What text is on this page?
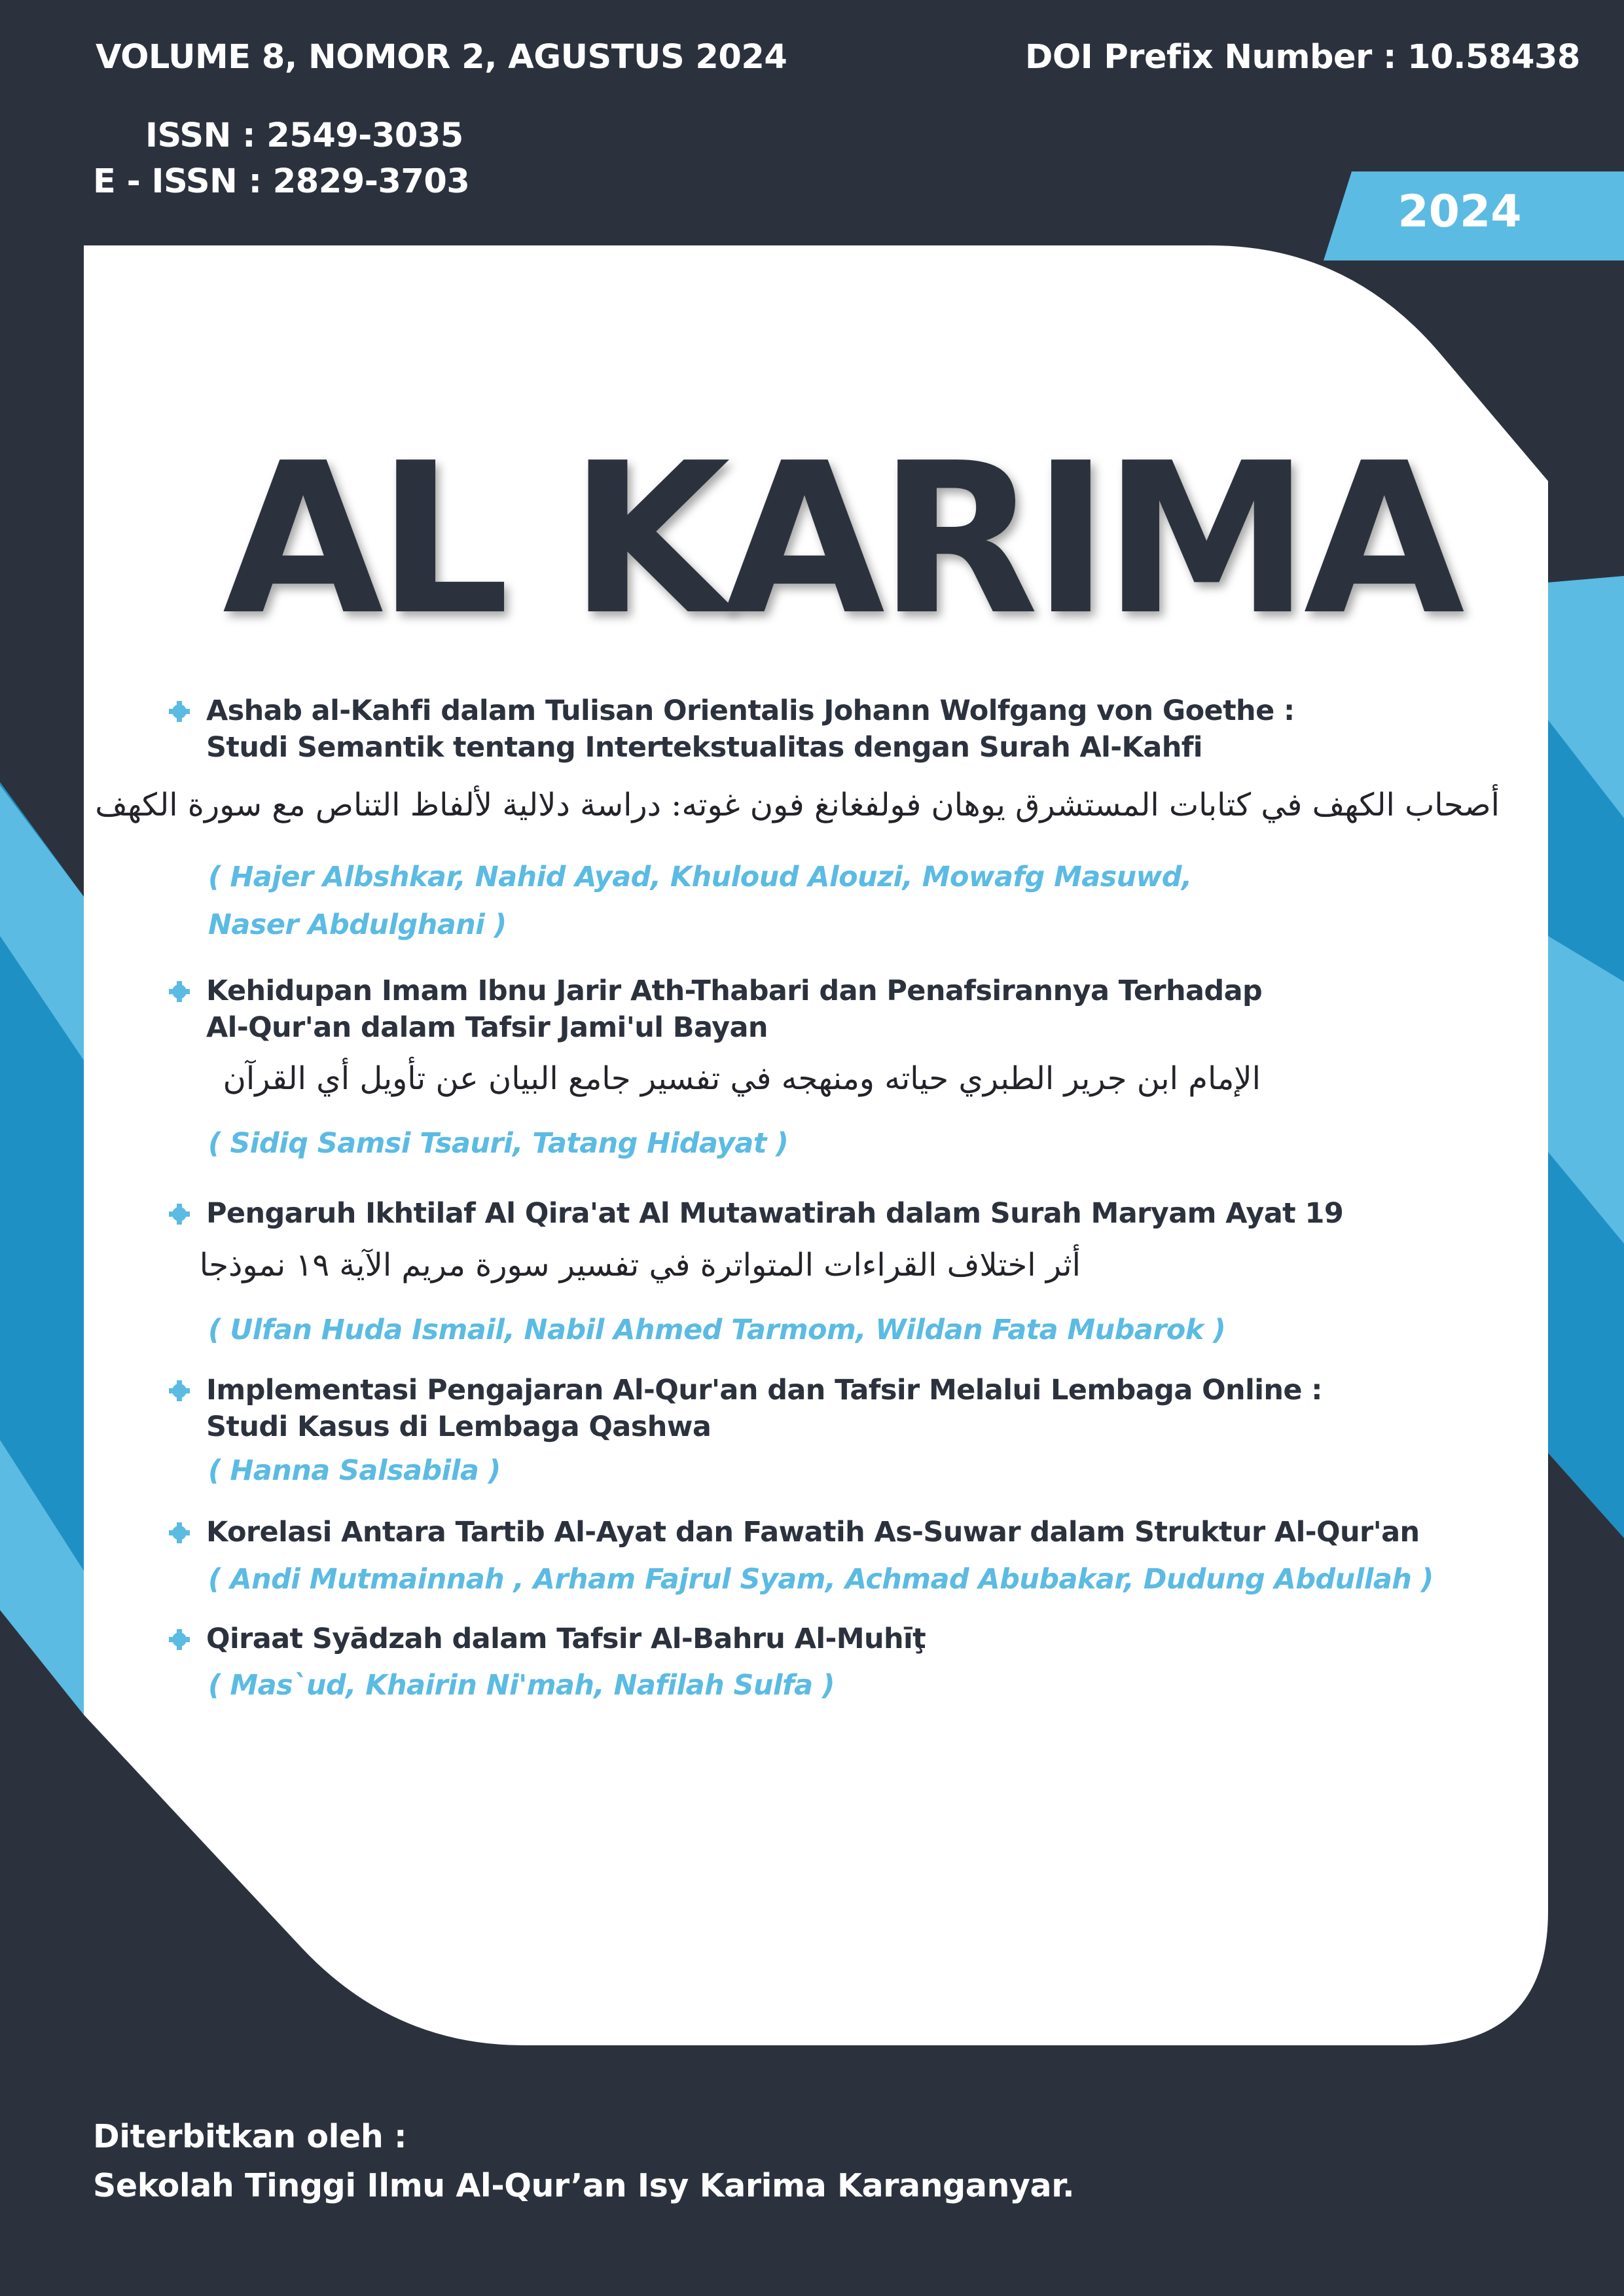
VOLUME 8, NOMOR 2, AGUSTUS 2024	DOI Prefix Number : 10.58438
ISSN : 2549-3035
E - ISSN : 2829-3703
2024
AL KARIMA
Ashab al-Kahfi dalam Tulisan Orientalis Johann Wolfgang von Goethe :
Studi Semantik tentang Intertekstualitas dengan Surah Al-Kahfi
أصحاب الكهف في كتابات المستشرق يوهان فولفغانغ فون غوته: دراسة دلالية لألفاظ التناص مع سورة الكهف
( Hajer Albshkar, Nahid Ayad, Khuloud Alouzi, Mowafg Masuwd,
Naser Abdulghani )
Kehidupan Imam Ibnu Jarir Ath-Thabari dan Penafsirannya Terhadap
Al-Qur'an dalam Tafsir Jami'ul Bayan
الإمام ابن جرير الطبري حياته ومنهجه في تفسير جامع البيان عن تأويل أي القرآن
( Sidiq Samsi Tsauri, Tatang Hidayat )
Pengaruh Ikhtilaf Al Qira'at Al Mutawatirah dalam Surah Maryam Ayat 19
أثر اختلاف القراءات المتواترة في تفسير سورة مريم الآية ١٩ نموذجا
( Ulfan Huda Ismail, Nabil Ahmed Tarmom, Wildan Fata Mubarok )
Implementasi Pengajaran Al-Qur'an dan Tafsir Melalui Lembaga Online :
Studi Kasus di Lembaga Qashwa
( Hanna Salsabila )
Korelasi Antara Tartib Al-Ayat dan Fawatih As-Suwar dalam Struktur Al-Qur'an
( Andi Mutmainnah , Arham Fajrul Syam, Achmad Abubakar, Dudung Abdullah )
Qiraat Syādzah dalam Tafsir Al-Bahru Al-Muhīţ
( Mas`ud, Khairin Ni'mah, Nafilah Sulfa )
Diterbitkan oleh :
Sekolah Tinggi Ilmu Al-Qur’an Isy Karima Karanganyar.
